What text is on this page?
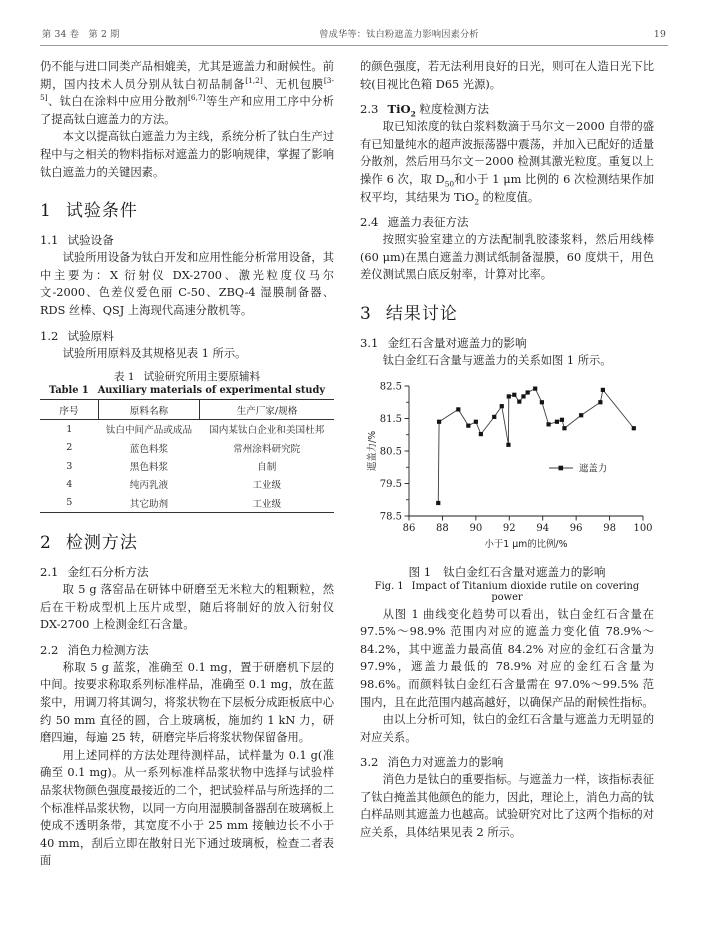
第 34 卷　第 2 期	曾成华等：钛白粉遮盖力影响因素分析	19

仍不能与进口同类产品相媲美，尤其是遮盖力和耐候性。前期，国内技术人员分别从钛白初品制备[1,2]、无机包膜[3-5]、钛白在涂料中应用分散剂[6,7]等生产和应用工序中分析了提高钛白遮盖力的方法。

本文以提高钛白遮盖力为主线，系统分析了钛白生产过程中与之相关的物料指标对遮盖力的影响规律，掌握了影响钛白遮盖力的关键因素。

1 试验条件
1.1 试验设备

试验所用设备为钛白开发和应用性能分析常用设备，其中主要为：X 衍射仪 DX-2700、激光粒度仪马尔文-2000、色差仪爱色丽 C-50、ZBQ-4 湿膜制备器、RDS 丝棒、QSJ 上海现代高速分散机等。

1.2 试验原料

试验所用原料及其规格见表 1 所示。

表 1 试验研究所用主要原辅料
Table 1 Auxiliary materials of experimental study
序号	原料名称	生产厂家/规格
1	钛白中间产品或成品	国内某钛白企业和美国杜邦
2	蓝色料浆	常州涂料研究院
3	黑色料浆	自制
4	纯丙乳液	工业级
5	其它助剂	工业级
2 检测方法
2.1 金红石分析方法

取 5 g 落窑品在研钵中研磨至无米粒大的粗颗粒，然后在干粉成型机上压片成型，随后将制好的放入衍射仪 DX-2700 上检测金红石含量。

2.2 消色力检测方法

称取 5 g 蓝浆，准确至 0.1 mg，置于研磨机下层的中间。按要求称取系列标准样品，准确至 0.1 mg，放在蓝浆中，用调刀将其调匀，将浆状物在下层板分成距板底中心约 50 mm 直径的圆，合上玻璃板，施加约 1 kN 力，研磨四遍，每遍 25 转，研磨完毕后将浆状物保留备用。

用上述同样的方法处理待测样品，试样量为 0.1 g(准确至 0.1 mg)。从一系列标准样品浆状物中选择与试验样品浆状物颜色强度最接近的二个，把试验样品与所选择的二个标准样品浆状物，以同一方向用湿膜制备器刮在玻璃板上使成不透明条带，其宽度不小于 25 mm 接触边长不小于 40 mm，刮后立即在散射日光下通过玻璃板，检查二者表面

的颜色强度，若无法利用良好的日光，则可在人造日光下比较(目视比色箱 D65 光源)。

2.3 TiO$_2$ 粒度检测方法

取已知浓度的钛白浆料数滴于马尔文－2000 自带的盛有已知量纯水的超声波振荡器中震荡，并加入已配好的适量分散剂，然后用马尔文－2000 检测其激光粒度。重复以上操作 6 次，取 $D_{50}$和小于 1 μm 比例的 6 次检测结果作加权平均，其结果为 TiO$_2$ 的粒度值。

2.4 遮盖力表征方法

按照实验室建立的方法配制乳胶漆浆料，然后用线棒(60 μm)在黑白遮盖力测试纸制备湿膜，60 度烘干，用色差仪测试黑白底反射率，计算对比率。

3 结果讨论
3.1 金红石含量对遮盖力的影响

钛白金红石含量与遮盖力的关系如图 1 所示。

78.5
79.5
80.5
81.5
82.5
86 88 90 92 94 96 98 100
小于1 μm的比例/%
遮盖力/%	遮盖力
图 1 钛白金红石含量对遮盖力的影响
Fig. 1 Impact of Titanium dioxide rutile on covering power

从图 1 曲线变化趋势可以看出，钛白金红石含量在 97.5%～98.9% 范围内对应的遮盖力变化值 78.9%～84.2%，其中遮盖力最高值 84.2% 对应的金红石含量为 97.9%，遮盖力最低的 78.9% 对应的金红石含量为 98.6%。而颜料钛白金红石含量需在 97.0%～99.5% 范围内，且在此范围内越高越好，以确保产品的耐候性指标。

由以上分析可知，钛白的金红石含量与遮盖力无明显的对应关系。

3.2 消色力对遮盖力的影响

消色力是钛白的重要指标。与遮盖力一样，该指标表征了钛白掩盖其他颜色的能力，因此，理论上，消色力高的钛白样品则其遮盖力也越高。试验研究对比了这两个指标的对应关系，具体结果见表 2 所示。
